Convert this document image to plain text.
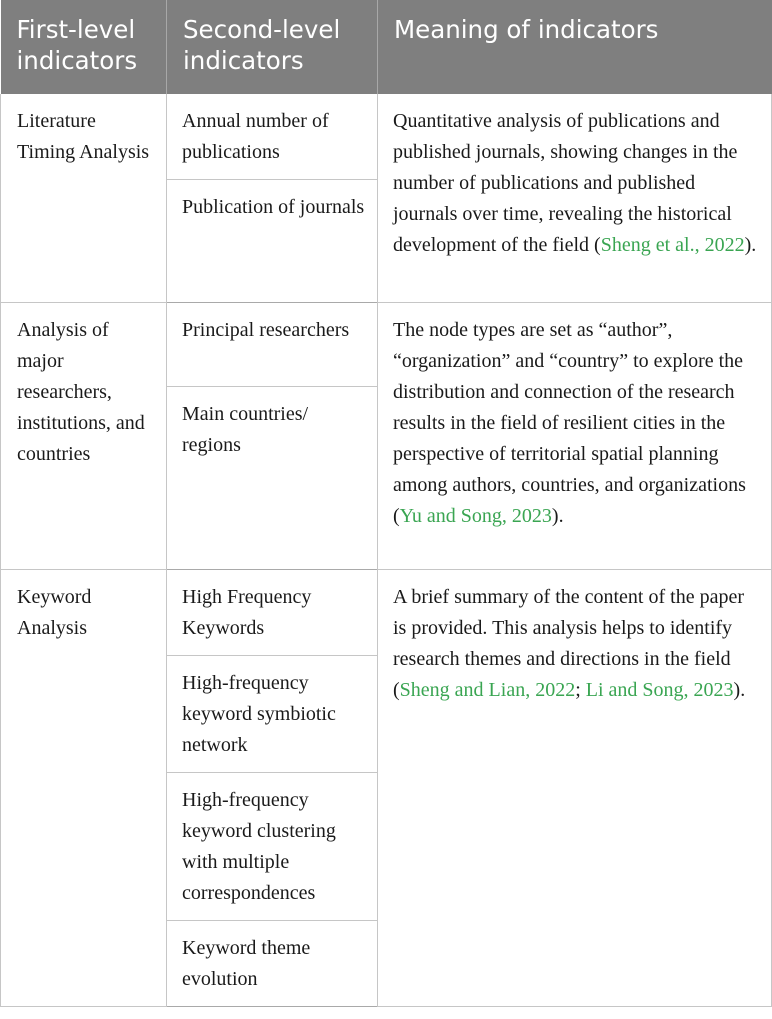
First-level indicators	Second-level indicators	Meaning of indicators
Literature Timing Analysis	Annual number of publications	Quantitative analysis of publications and published journals, showing changes in the number of publications and published journals over time, revealing the historical development of the field (Sheng et al., 2022).
	Publication of journals	
Analysis of major researchers, institutions, and countries	Principal researchers	The node types are set as “author”, “organization” and “country” to explore the distribution and connection of the research results in the field of resilient cities in the perspective of territorial spatial planning among authors, countries, and organizations (Yu and Song, 2023).
	Main countries/ regions	
Keyword Analysis	High Frequency Keywords	A brief summary of the content of the paper is provided. This analysis helps to identify research themes and directions in the field (Sheng and Lian, 2022; Li and Song, 2023).
	High-frequency keyword symbiotic network	
	High-frequency keyword clustering with multiple correspondences	
	Keyword theme evolution	
